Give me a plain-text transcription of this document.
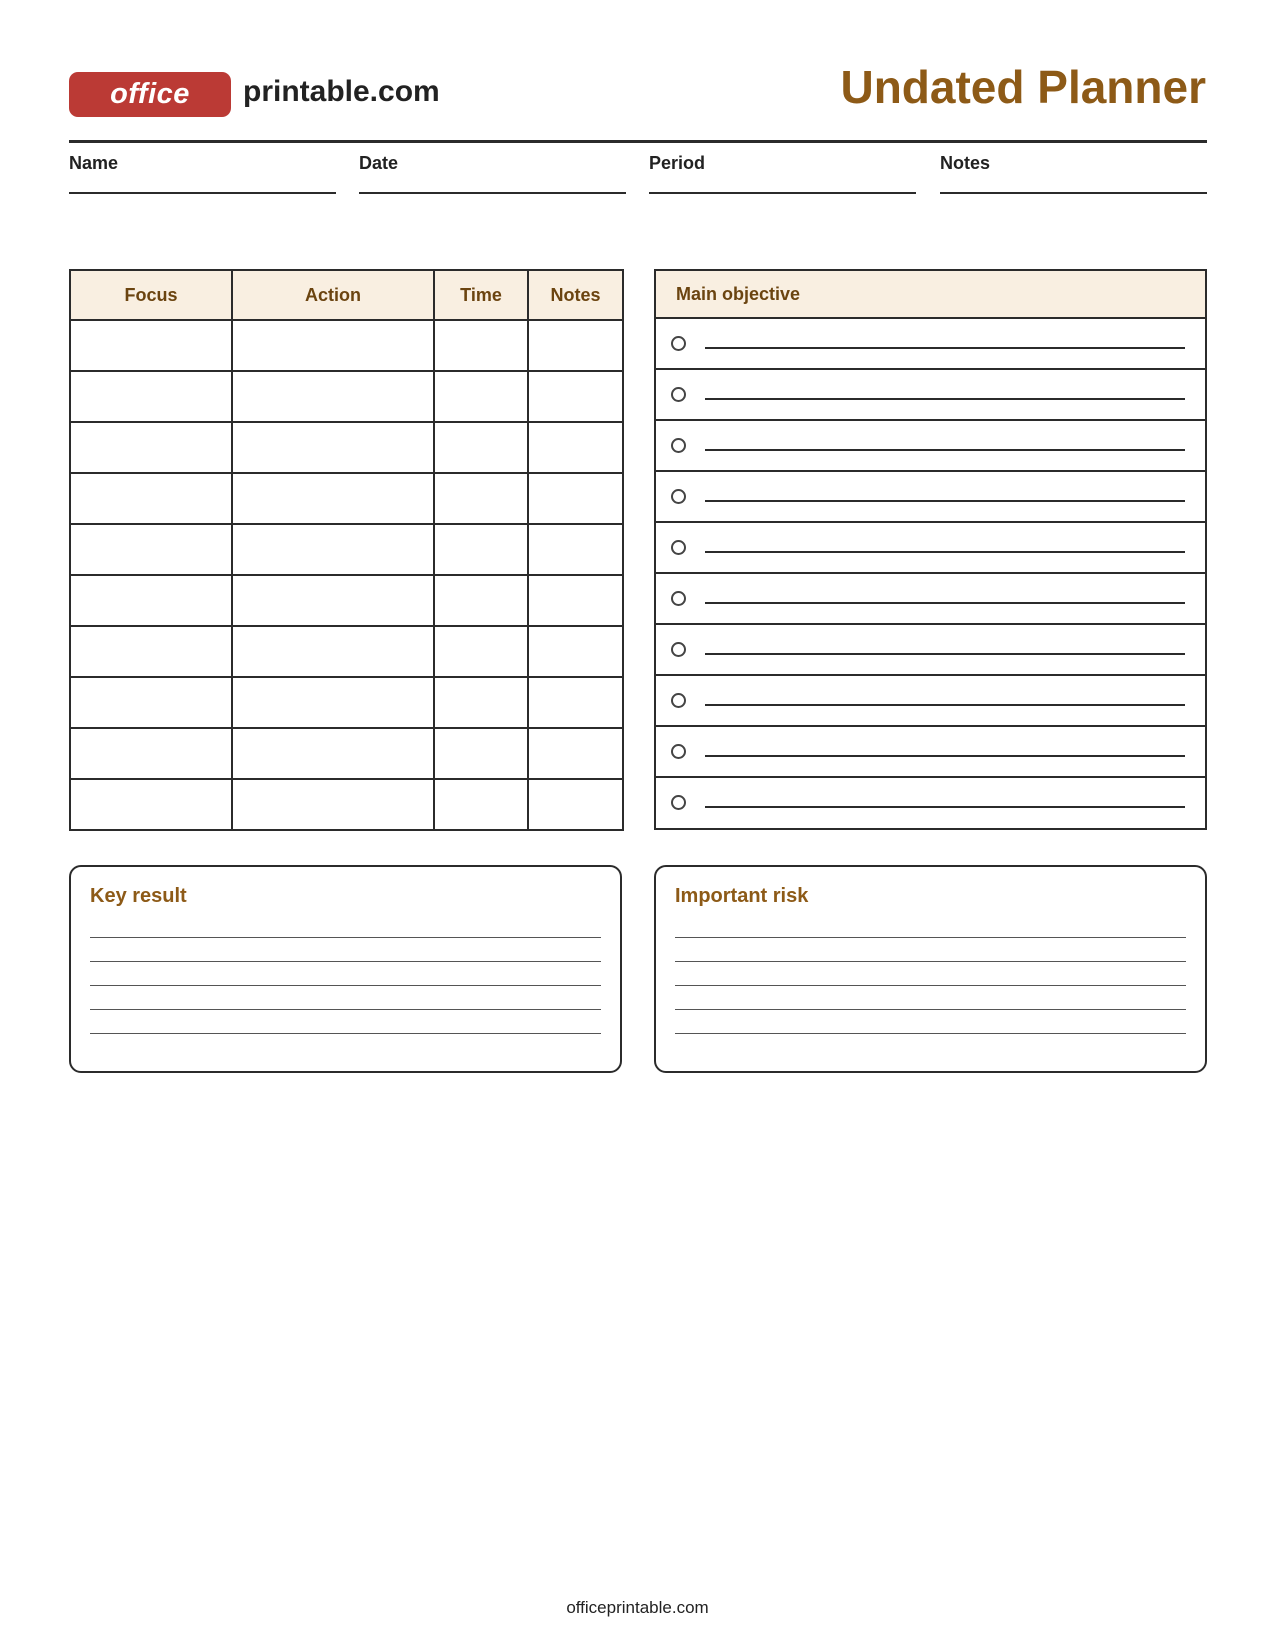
office printable.com	Undated Planner
Name	Date	Period	Notes
Focus	Action	Time	Notes

				Main objective
Key result	Important risk
officeprintable.com
